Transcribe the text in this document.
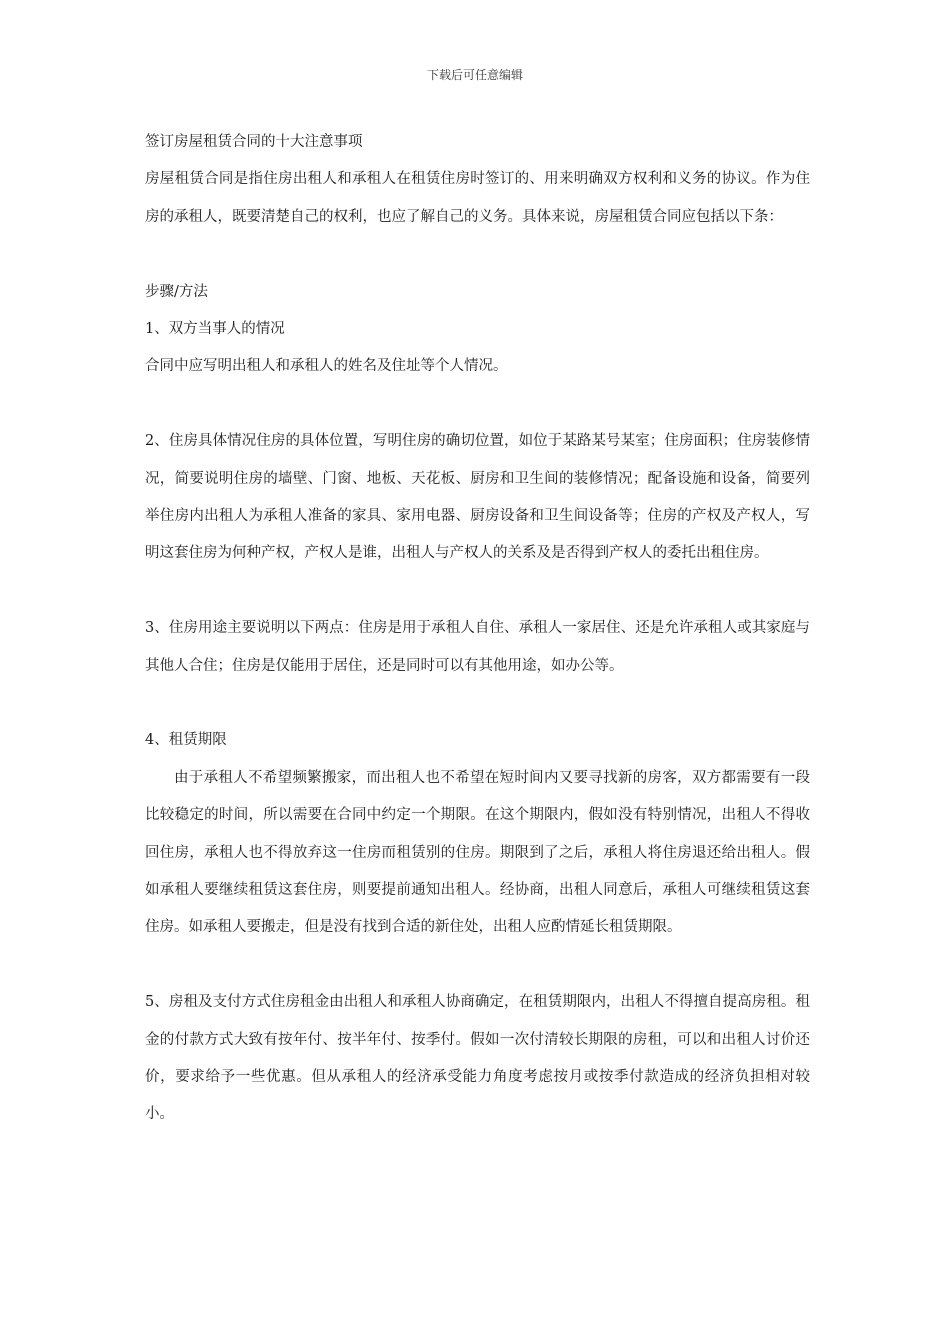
下载后可任意编辑

签订房屋租赁合同的十大注意事项

房屋租赁合同是指住房出租人和承租人在租赁住房时签订的、用来明确双方权利和义务的协议。作为住房的承租人，既要清楚自己的权利，也应了解自己的义务。具体来说，房屋租赁合同应包括以下条：

步骤/方法

1、双方当事人的情况

合同中应写明出租人和承租人的姓名及住址等个人情况。

2、住房具体情况住房的具体位置，写明住房的确切位置，如位于某路某号某室；住房面积；住房装修情况，简要说明住房的墙壁、门窗、地板、天花板、厨房和卫生间的装修情况；配备设施和设备，简要列举住房内出租人为承租人准备的家具、家用电器、厨房设备和卫生间设备等；住房的产权及产权人，写明这套住房为何种产权，产权人是谁，出租人与产权人的关系及是否得到产权人的委托出租住房。

3、住房用途主要说明以下两点：住房是用于承租人自住、承租人一家居住、还是允许承租人或其家庭与其他人合住；住房是仅能用于居住，还是同时可以有其他用途，如办公等。

4、租赁期限

由于承租人不希望频繁搬家，而出租人也不希望在短时间内又要寻找新的房客，双方都需要有一段比较稳定的时间，所以需要在合同中约定一个期限。在这个期限内，假如没有特别情况，出租人不得收回住房，承租人也不得放弃这一住房而租赁别的住房。期限到了之后，承租人将住房退还给出租人。假如承租人要继续租赁这套住房，则要提前通知出租人。经协商，出租人同意后，承租人可继续租赁这套住房。如承租人要搬走，但是没有找到合适的新住处，出租人应酌情延长租赁期限。

5、房租及支付方式住房租金由出租人和承租人协商确定，在租赁期限内，出租人不得擅自提高房租。租金的付款方式大致有按年付、按半年付、按季付。假如一次付清较长期限的房租，可以和出租人讨价还价，要求给予一些优惠。但从承租人的经济承受能力角度考虑按月或按季付款造成的经济负担相对较小。
